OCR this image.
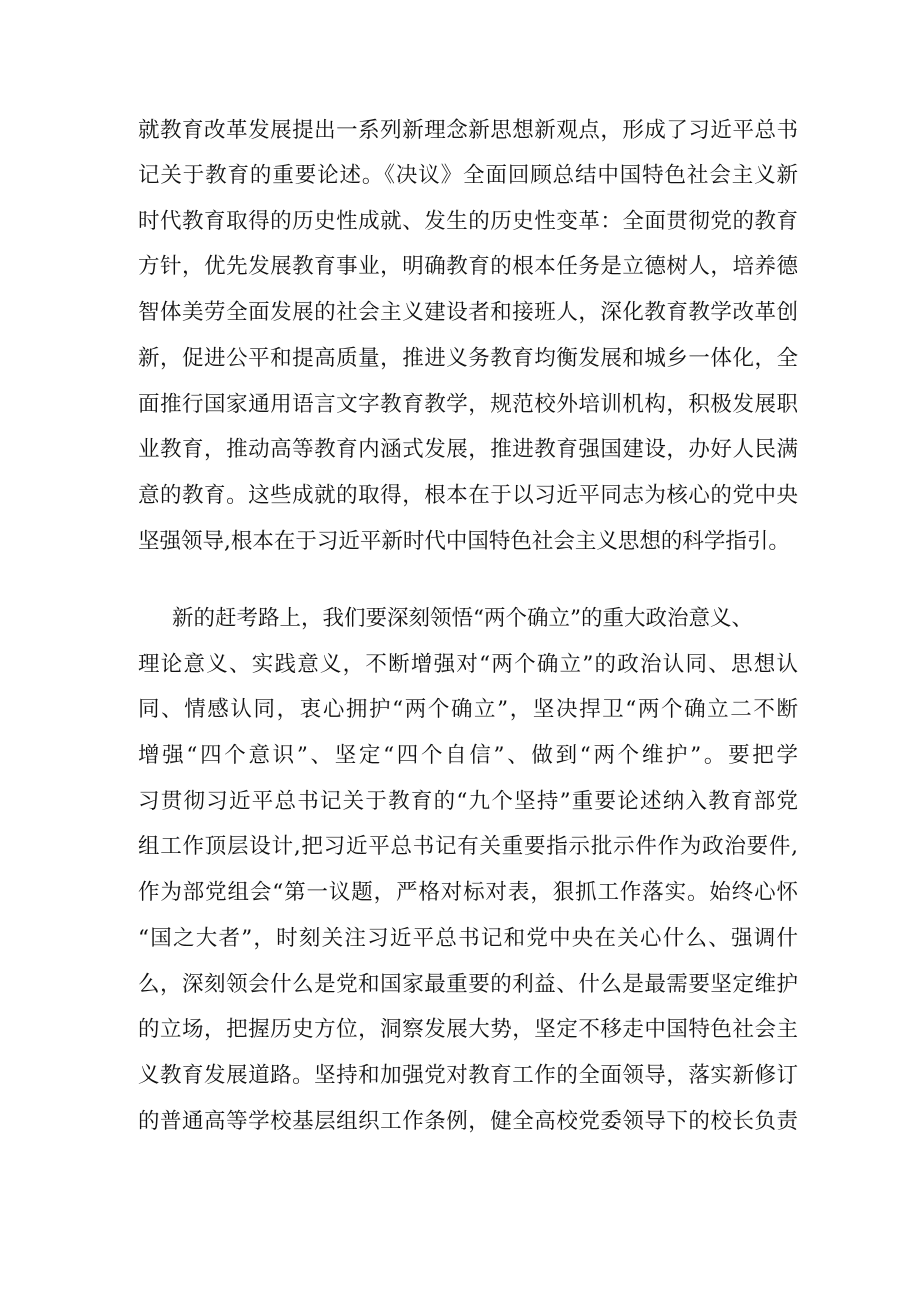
就教育改革发展提出一系列新理念新思想新观点，形成了习近平总书
记关于教育的重要论述。《决议》全面回顾总结中国特色社会主义新
时代教育取得的历史性成就、发生的历史性变革：全面贯彻党的教育
方针，优先发展教育事业，明确教育的根本任务是立德树人，培养德
智体美劳全面发展的社会主义建设者和接班人，深化教育教学改革创
新，促进公平和提高质量，推进义务教育均衡发展和城乡一体化，全
面推行国家通用语言文字教育教学，规范校外培训机构，积极发展职
业教育，推动高等教育内涵式发展，推进教育强国建设，办好人民满
意的教育。这些成就的取得，根本在于以习近平同志为核心的党中央
坚强领导,根本在于习近平新时代中国特色社会主义思想的科学指引。
新的赶考路上，我们要深刻领悟“两个确立”的重大政治意义、
理论意义、实践意义，不断增强对“两个确立”的政治认同、思想认
同、情感认同，衷心拥护“两个确立”，坚决捍卫“两个确立二不断
增强“四个意识”、坚定“四个自信”、做到“两个维护”。要把学
习贯彻习近平总书记关于教育的“九个坚持”重要论述纳入教育部党
组工作顶层设计,把习近平总书记有关重要指示批示件作为政治要件,
作为部党组会“第一议题，严格对标对表，狠抓工作落实。始终心怀
“国之大者”，时刻关注习近平总书记和党中央在关心什么、强调什
么，深刻领会什么是党和国家最重要的利益、什么是最需要坚定维护
的立场，把握历史方位，洞察发展大势，坚定不移走中国特色社会主
义教育发展道路。坚持和加强党对教育工作的全面领导，落实新修订
的普通高等学校基层组织工作条例，健全高校党委领导下的校长负责
